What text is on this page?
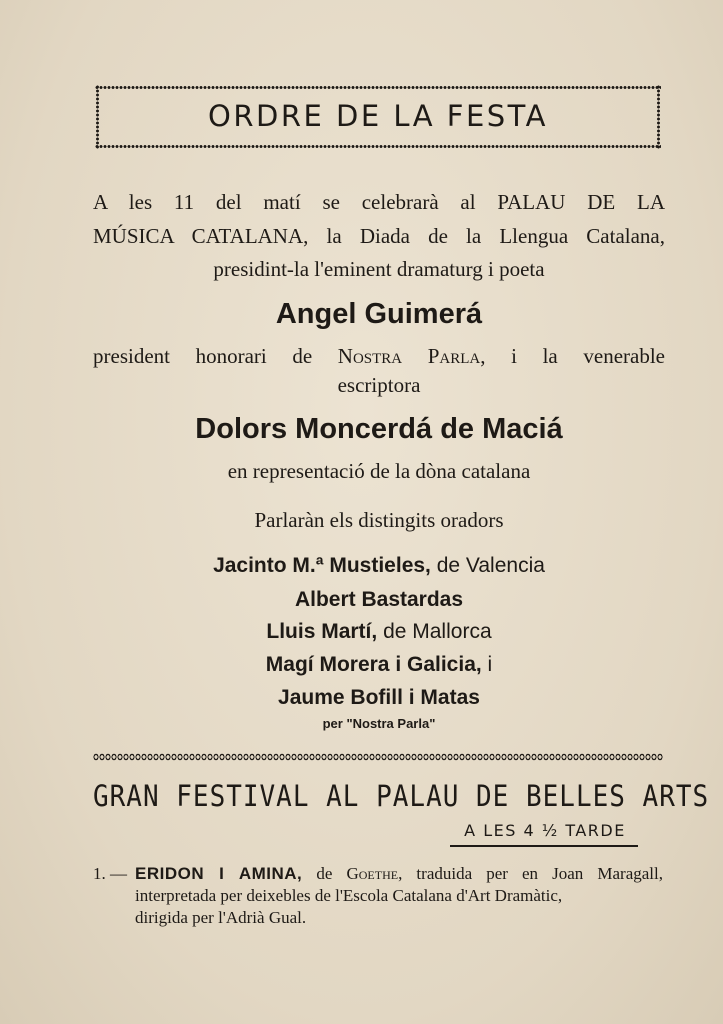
ORDRE DE LA FESTA
A les 11 del matí se celebrarà al PALAU DE LA
MÚSICA CATALANA, la Diada de la Llengua Catalana,
presidint-la l'eminent dramaturg i poeta
Angel Guimerá
president honorari de Nostra Parla, i la venerable
escriptora
Dolors Moncerdá de Maciá
en representació de la dòna catalana
Parlaràn els distingits oradors
Jacinto M.ª Mustieles, de Valencia
Albert Bastardas
Lluis Martí, de Mallorca
Magí Morera i Galicia, i
Jaume Bofill i Matas
per "Nostra Parla"
GRAN FESTIVAL AL PALAU DE BELLES ARTS
A LES 4 ½ TARDE
1. — ERIDON I AMINA, de Goethe, traduida per en Joan Maragall,
interpretada per deixebles de l'Escola Catalana d'Art Dramàtic,
dirigida per l'Adrià Gual.
